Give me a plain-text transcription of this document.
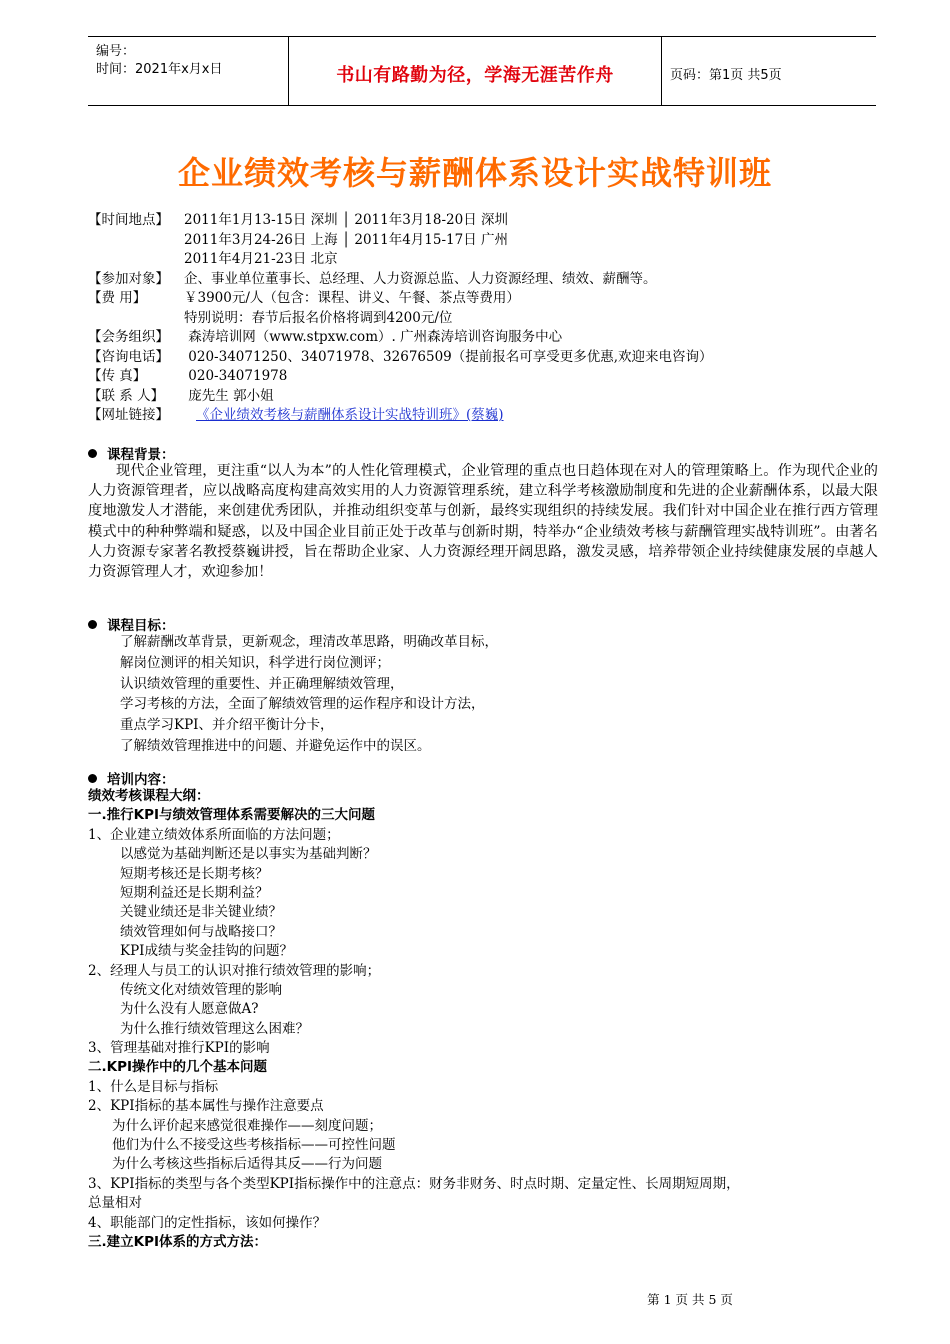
编号：
时间：2021年x月x日	书山有路勤为径，学海无涯苦作舟	页码：第1页 共5页
企业绩效考核与薪酬体系设计实战特训班
【时间地点】 2011年1月13-15日 深圳 │ 2011年3月18-20日 深圳
2011年3月24-26日 上海 │ 2011年4月15-17日 广州
2011年4月21-23日 北京
【参加对象】 企、事业单位董事长、总经理、人力资源总监、人力资源经理、绩效、薪酬等。
【费 用】	￥3900元/人（包含：课程、讲义、午餐、茶点等费用）
特别说明：春节后报名价格将调到4200元/位
【会务组织】 森涛培训网（www.stpxw.com）. 广州森涛培训咨询服务中心
【咨询电话】 020-34071250、34071978、32676509（提前报名可享受更多优惠,欢迎来电咨询）
【传 真】	020-34071978
【联 系 人】 庞先生 郭小姐
【网址链接】 《企业绩效考核与薪酬体系设计实战特训班》(蔡巍)
课程背景：
现代企业管理，更注重“以人为本”的人性化管理模式，企业管理的重点也日趋体现在对人的管理策略上。作为现代企业的人力资源管理者，应以战略高度构建高效实用的人力资源管理系统，建立科学考核激励制度和先进的企业薪酬体系，以最大限度地激发人才潜能，来创建优秀团队，并推动组织变革与创新，最终实现组织的持续发展。我们针对中国企业在推行西方管理模式中的种种弊端和疑惑，以及中国企业目前正处于改革与创新时期，特举办“企业绩效考核与薪酬管理实战特训班”。由著名人力资源专家著名教授蔡巍讲授，旨在帮助企业家、人力资源经理开阔思路，激发灵感，培养带领企业持续健康发展的卓越人力资源管理人才，欢迎参加！
课程目标：
了解薪酬改革背景，更新观念，理清改革思路，明确改革目标，
解岗位测评的相关知识，科学进行岗位测评；
认识绩效管理的重要性、并正确理解绩效管理，
学习考核的方法，全面了解绩效管理的运作程序和设计方法，
重点学习KPI、并介绍平衡计分卡，
了解绩效管理推进中的问题、并避免运作中的误区。
培训内容：
绩效考核课程大纲：
一.推行KPI与绩效管理体系需要解决的三大问题
1、企业建立绩效体系所面临的方法问题；
以感觉为基础判断还是以事实为基础判断？
短期考核还是长期考核？
短期利益还是长期利益？
关键业绩还是非关键业绩？
绩效管理如何与战略接口？
KPI成绩与奖金挂钩的问题？
2、经理人与员工的认识对推行绩效管理的影响；
传统文化对绩效管理的影响
为什么没有人愿意做A?
为什么推行绩效管理这么困难？
3、管理基础对推行KPI的影响
二.KPI操作中的几个基本问题
1、什么是目标与指标
2、KPI指标的基本属性与操作注意要点
为什么评价起来感觉很难操作——刻度问题；
他们为什么不接受这些考核指标——可控性问题
为什么考核这些指标后适得其反——行为问题
3、KPI指标的类型与各个类型KPI指标操作中的注意点：财务非财务、时点时期、定量定性、长周期短周期，
总量相对
4、职能部门的定性指标，该如何操作？
三.建立KPI体系的方式方法：
第 1 页 共 5 页
